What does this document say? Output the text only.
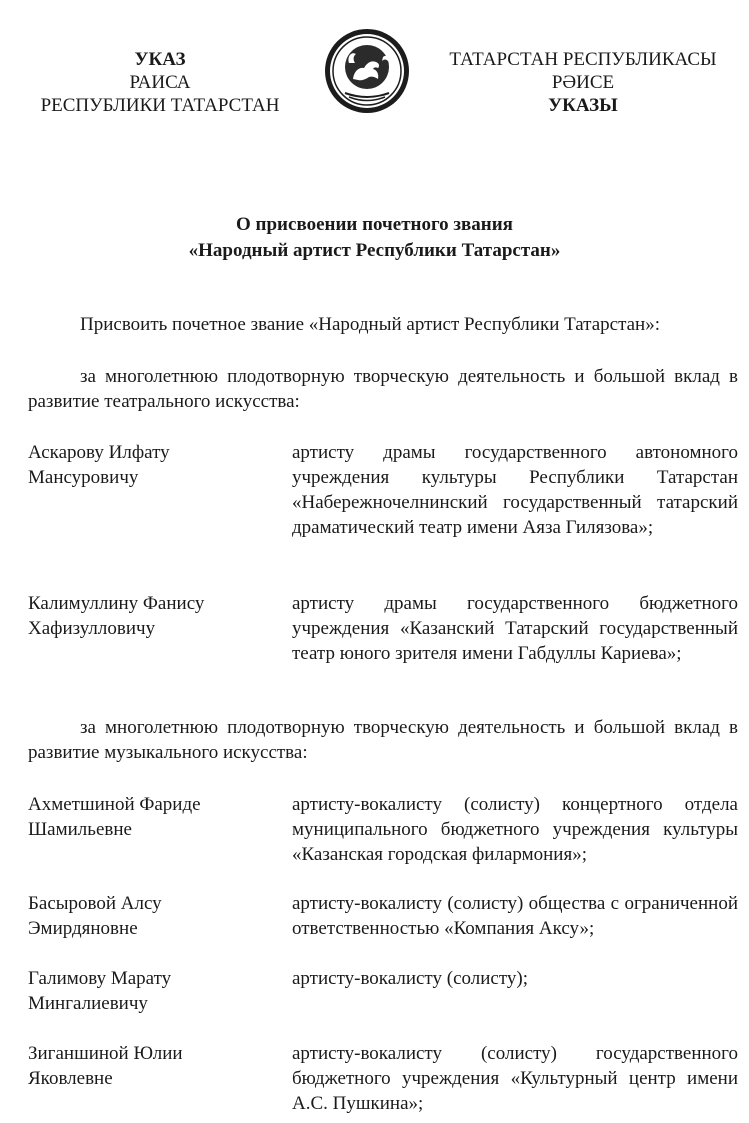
УКАЗ
РАИСА
РЕСПУБЛИКИ ТАТАРСТАН
ТАТАРСТАН РЕСПУБЛИКАСЫ
РӘИСЕ
УКАЗЫ
О присвоении почетного звания
«Народный артист Республики Татарстан»
Присвоить почетное звание «Народный артист Республики Татарстан»:
за многолетнюю плодотворную творческую деятельность и большой вклад в развитие театрального искусства:
Аскарову Илфату
Мансуровичу
артисту драмы государственного автономного учреждения культуры Республики Татарстан «Набережночелнинский государственный татарский драматический театр имени Аяза Гилязова»;
Калимуллину Фанису
Хафизулловичу
артисту драмы государственного бюджетного учреждения «Казанский Татарский государственный театр юного зрителя имени Габдуллы Кариева»;
за многолетнюю плодотворную творческую деятельность и большой вклад в развитие музыкального искусства:
Ахметшиной Фариде
Шамильевне
артисту-вокалисту (солисту) концертного отдела муниципального бюджетного учреждения культуры «Казанская городская филармония»;
Басыровой Алсу
Эмирдяновне
артисту-вокалисту (солисту) общества с ограниченной ответственностью «Компания Аксу»;
Галимову Марату
Мингалиевичу
артисту-вокалисту (солисту);
Зиганшиной Юлии
Яковлевне
артисту-вокалисту (солисту) государственного бюджетного учреждения «Культурный центр имени А.С. Пушкина»;
